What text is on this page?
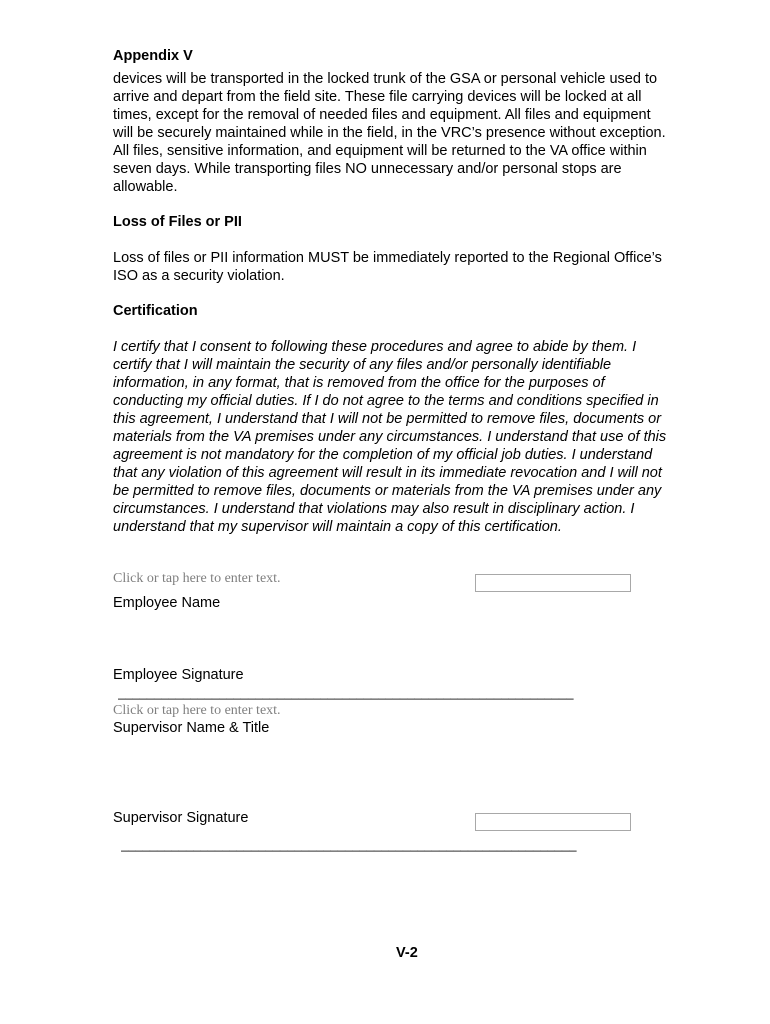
Appendix V

devices will be transported in the locked trunk of the GSA or personal vehicle used to
arrive and depart from the field site. These file carrying devices will be locked at all
times, except for the removal of needed files and equipment. All files and equipment
will be securely maintained while in the field, in the VRC’s presence without exception.
All files, sensitive information, and equipment will be returned to the VA office within
seven days. While transporting files NO unnecessary and/or personal stops are
allowable.

Loss of Files or PII

Loss of files or PII information MUST be immediately reported to the Regional Office’s
ISO as a security violation.

Certification

I certify that I consent to following these procedures and agree to abide by them. I
certify that I will maintain the security of any files and/or personally identifiable
information, in any format, that is removed from the office for the purposes of
conducting my official duties. If I do not agree to the terms and conditions specified in
this agreement, I understand that I will not be permitted to remove files, documents or
materials from the VA premises under any circumstances. I understand that use of this
agreement is not mandatory for the completion of my official job duties. I understand
that any violation of this agreement will result in its immediate revocation and I will not
be permitted to remove files, documents or materials from the VA premises under any
circumstances. I understand that violations may also result in disciplinary action. I
understand that my supervisor will maintain a copy of this certification.

Click or tap here to enter text.
Employee Name
Employee Signature
_______________________________________________________________
Click or tap here to enter text.
Supervisor Name & Title
Supervisor Signature
_______________________________________________________________
V-2
